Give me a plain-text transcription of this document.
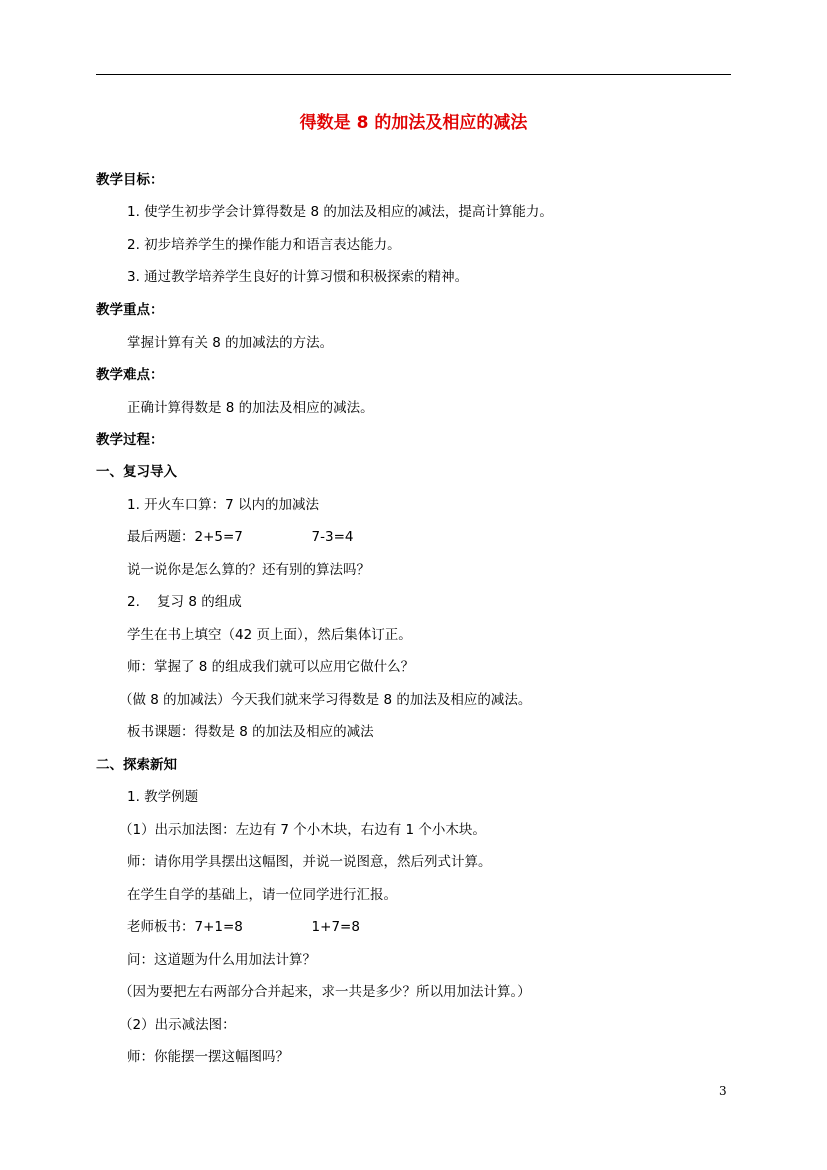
得数是 8 的加法及相应的减法
教学目标：
1. 使学生初步学会计算得数是 8 的加法及相应的减法，提高计算能力。
2. 初步培养学生的操作能力和语言表达能力。
3. 通过教学培养学生良好的计算习惯和积极探索的精神。
教学重点：
掌握计算有关 8 的加减法的方法。
教学难点：
正确计算得数是 8 的加法及相应的减法。
教学过程：
一、复习导入
1. 开火车口算：7 以内的加减法
最后两题：2+5=7                7-3=4
说一说你是怎么算的？还有别的算法吗？
2.    复习 8 的组成
学生在书上填空（42 页上面），然后集体订正。
师：掌握了 8 的组成我们就可以应用它做什么？
（做 8 的加减法）今天我们就来学习得数是 8 的加法及相应的减法。
板书课题：得数是 8 的加法及相应的减法
二、探索新知
1. 教学例题
（1）出示加法图：左边有 7 个小木块，右边有 1 个小木块。
师：请你用学具摆出这幅图，并说一说图意，然后列式计算。
在学生自学的基础上，请一位同学进行汇报。
老师板书：7+1=8                1+7=8
问：这道题为什么用加法计算？
（因为要把左右两部分合并起来，求一共是多少？所以用加法计算。）
（2）出示减法图：
师：你能摆一摆这幅图吗？
3
